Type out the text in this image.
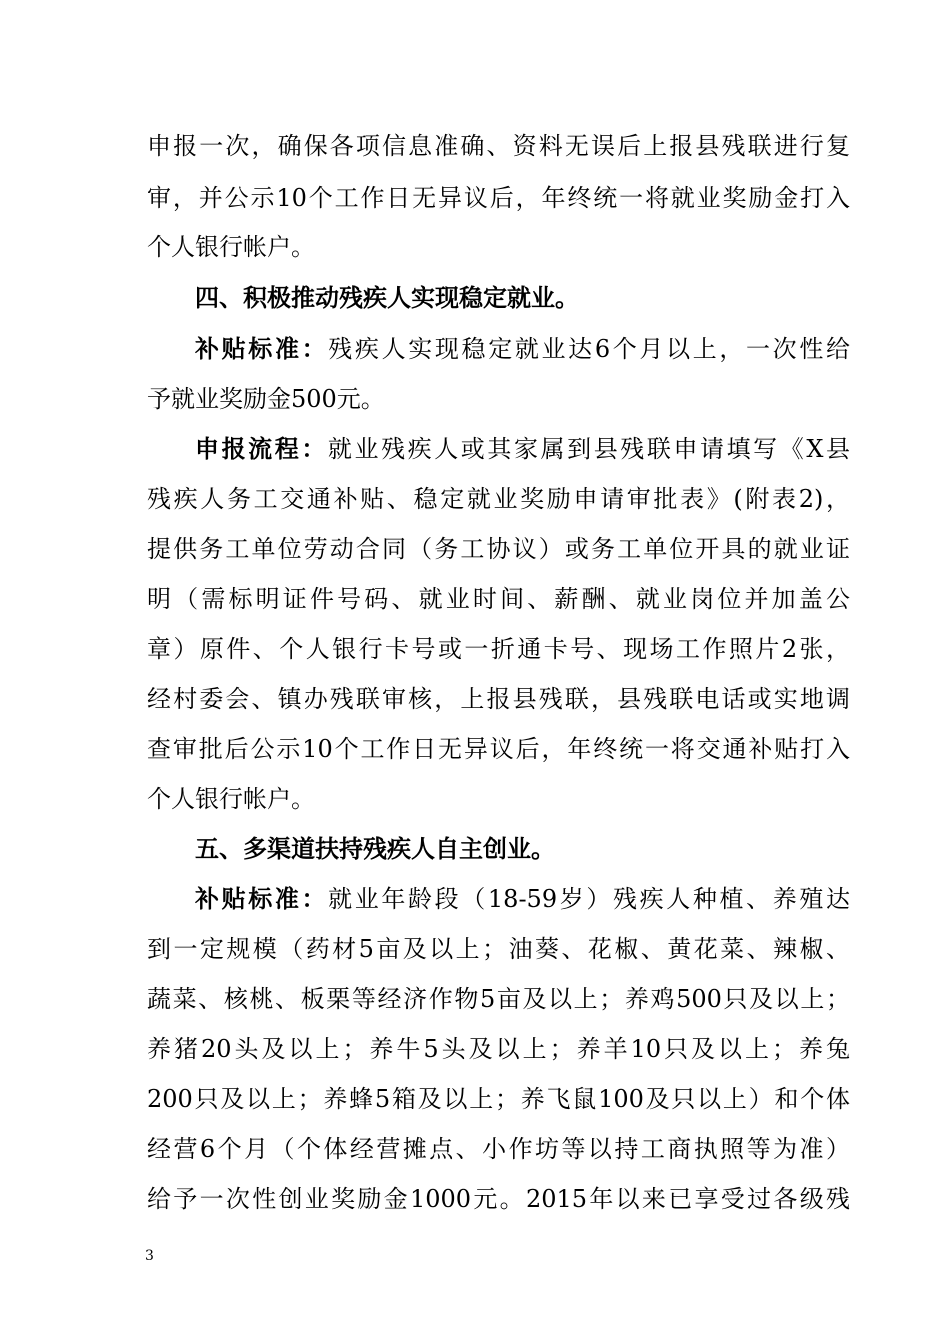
申报一次，确保各项信息准确、资料无误后上报县残联进行复
审，并公示10个工作日无异议后，年终统一将就业奖励金打入
个人银行帐户。
四、积极推动残疾人实现稳定就业。
补贴标准：残疾人实现稳定就业达6个月以上，一次性给
予就业奖励金500元。
申报流程：就业残疾人或其家属到县残联申请填写《X县
残疾人务工交通补贴、稳定就业奖励申请审批表》(附表2)，
提供务工单位劳动合同（务工协议）或务工单位开具的就业证
明（需标明证件号码、就业时间、薪酬、就业岗位并加盖公
章）原件、个人银行卡号或一折通卡号、现场工作照片2张，
经村委会、镇办残联审核，上报县残联，县残联电话或实地调
查审批后公示10个工作日无异议后，年终统一将交通补贴打入
个人银行帐户。
五、多渠道扶持残疾人自主创业。
补贴标准：就业年龄段（18-59岁）残疾人种植、养殖达
到一定规模（药材5亩及以上；油葵、花椒、黄花菜、辣椒、
蔬菜、核桃、板栗等经济作物5亩及以上；养鸡500只及以上；
养猪20头及以上；养牛5头及以上；养羊10只及以上；养兔
200只及以上；养蜂5箱及以上；养飞鼠100及只以上）和个体
经营6个月（个体经营摊点、小作坊等以持工商执照等为准）
给予一次性创业奖励金1000元。2015年以来已享受过各级残
3
